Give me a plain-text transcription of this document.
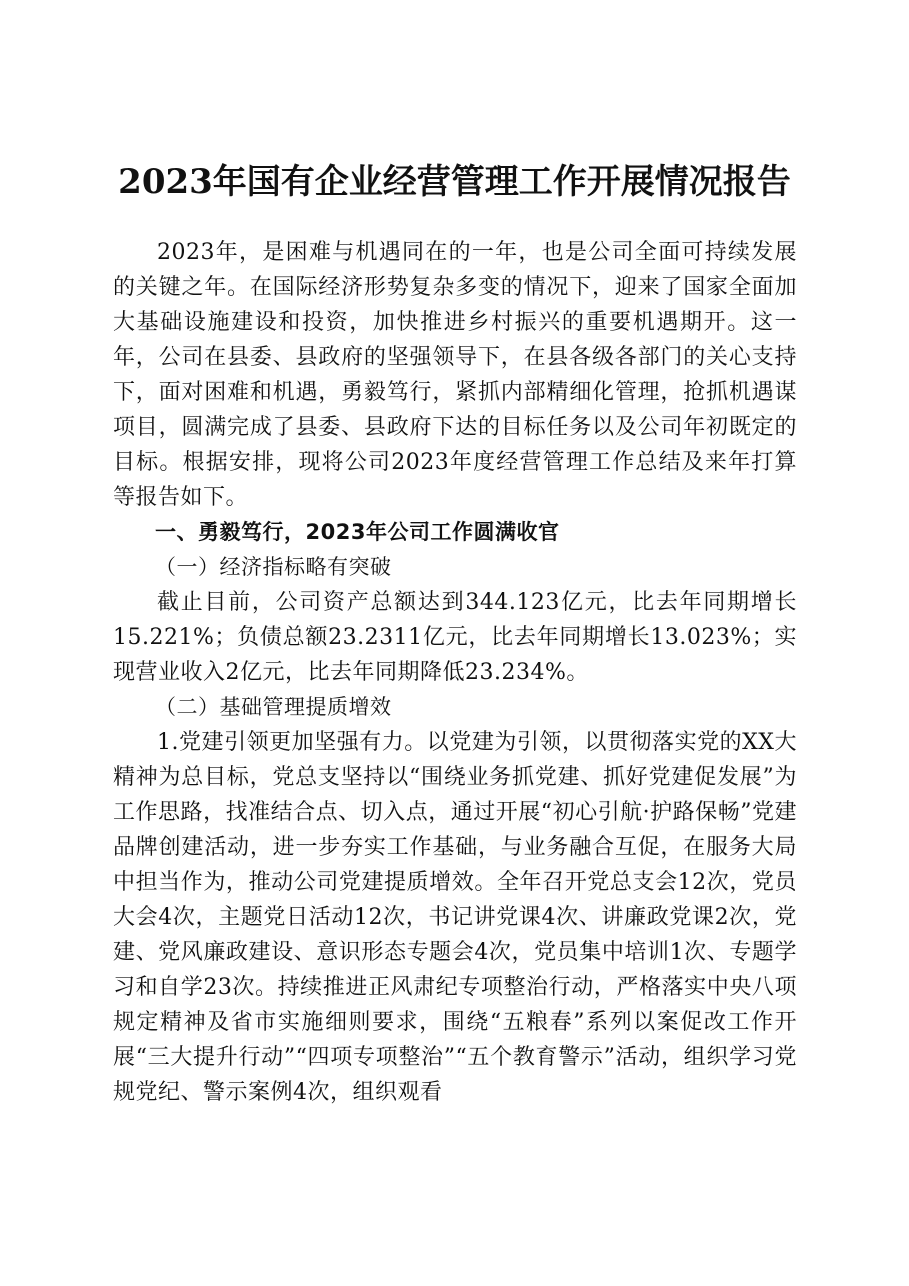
2023年国有企业经营管理工作开展情况报告

2023年，是困难与机遇同在的一年，也是公司全面可持续发展的关键之年。在国际经济形势复杂多变的情况下，迎来了国家全面加大基础设施建设和投资，加快推进乡村振兴的重要机遇期开。这一年，公司在县委、县政府的坚强领导下，在县各级各部门的关心支持下，面对困难和机遇，勇毅笃行，紧抓内部精细化管理，抢抓机遇谋项目，圆满完成了县委、县政府下达的目标任务以及公司年初既定的目标。根据安排，现将公司2023年度经营管理工作总结及来年打算等报告如下。

一、勇毅笃行，2023年公司工作圆满收官

（一）经济指标略有突破

截止目前，公司资产总额达到344.123亿元，比去年同期增长15.221%；负债总额23.2311亿元，比去年同期增长13.023%；实现营业收入2亿元，比去年同期降低23.234%。

（二）基础管理提质增效

1.党建引领更加坚强有力。以党建为引领，以贯彻落实党的XX大精神为总目标，党总支坚持以“围绕业务抓党建、抓好党建促发展”为工作思路，找准结合点、切入点，通过开展“初心引航·护路保畅”党建品牌创建活动，进一步夯实工作基础，与业务融合互促，在服务大局中担当作为，推动公司党建提质增效。全年召开党总支会12次，党员大会4次，主题党日活动12次，书记讲党课4次、讲廉政党课2次，党建、党风廉政建设、意识形态专题会4次，党员集中培训1次、专题学习和自学23次。持续推进正风肃纪专项整治行动，严格落实中央八项规定精神及省市实施细则要求，围绕“五粮春”系列以案促改工作开展“三大提升行动”“四项专项整治”“五个教育警示”活动，组织学习党规党纪、警示案例4次，组织观看
